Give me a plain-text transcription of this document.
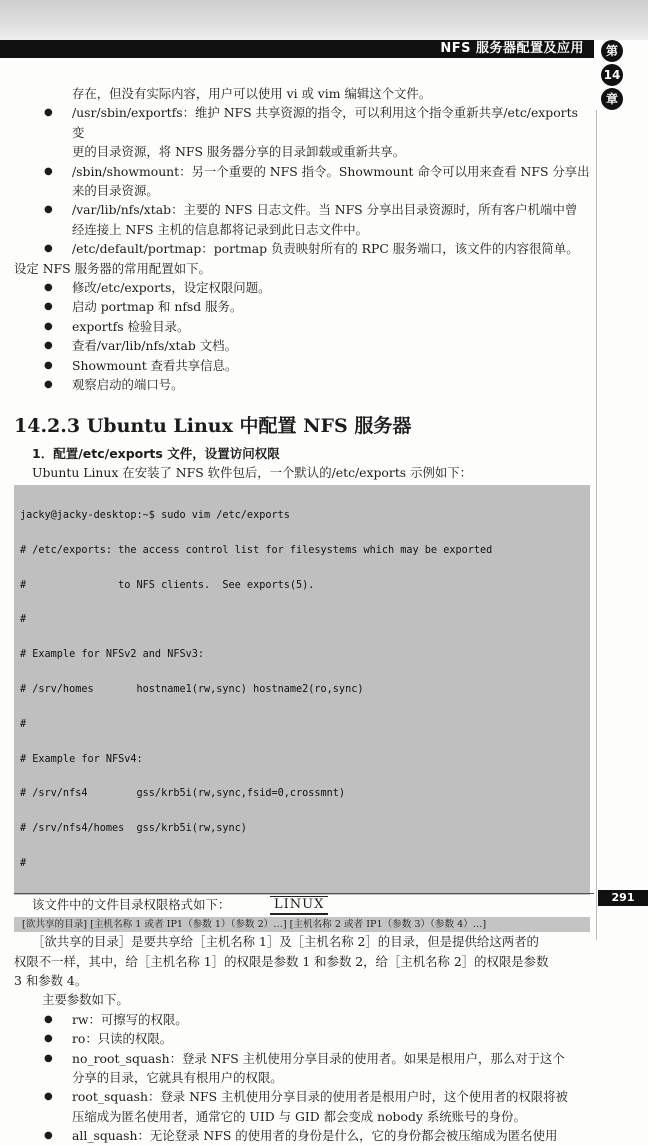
NFS 服务器配置及应用	第
14
章
存在，但没有实际内容，用户可以使用 vi 或 vim 编辑这个文件。
● /usr/sbin/exportfs：维护 NFS 共享资源的指令，可以利用这个指令重新共享/etc/exports 变
更的目录资源，将 NFS 服务器分享的目录卸载或重新共享。
● /sbin/showmount：另一个重要的 NFS 指令。Showmount 命令可以用来查看 NFS 分享出
来的目录资源。
● /var/lib/nfs/xtab：主要的 NFS 日志文件。当 NFS 分享出目录资源时，所有客户机端中曾
经连接上 NFS 主机的信息都将记录到此日志文件中。
● /etc/default/portmap：portmap 负责映射所有的 RPC 服务端口，该文件的内容很简单。
设定 NFS 服务器的常用配置如下。
● 修改/etc/exports，设定权限问题。
● 启动 portmap 和 nfsd 服务。
● exportfs 检验目录。
● 查看/var/lib/nfs/xtab 文档。
● Showmount 查看共享信息。
● 观察启动的端口号。
14.2.3 Ubuntu Linux 中配置 NFS 服务器
1．配置/etc/exports 文件，设置访问权限
Ubuntu Linux 在安装了 NFS 软件包后，一个默认的/etc/exports 示例如下：

jacky@jacky-desktop:~$ sudo vim /etc/exports

# /etc/exports: the access control list for filesystems which may be exported

#               to NFS clients.  See exports(5).

#

# Example for NFSv2 and NFSv3:

# /srv/homes       hostname1(rw,sync) hostname2(ro,sync)

#

# Example for NFSv4:

# /srv/nfs4        gss/krb5i(rw,sync,fsid=0,crossmnt)

# /srv/nfs4/homes  gss/krb5i(rw,sync)

#

该文件中的文件目录权限格式如下：
[欲共享的目录] [主机名称 1 或者 IP1（参数 1）（参数 2）…] [主机名称 2 或者 IP1（参数 3）（参数 4）…]
［欲共享的目录］是要共享给［主机名称 1］及［主机名称 2］的目录，但是提供给这两者的
权限不一样，其中，给［主机名称 1］的权限是参数 1 和参数 2，给［主机名称 2］的权限是参数
3 和参数 4。
主要参数如下。
● rw：可擦写的权限。
● ro：只读的权限。
● no_root_squash：登录 NFS 主机使用分享目录的使用者。如果是根用户，那么对于这个
分享的目录，它就具有根用户的权限。
● root_squash：登录 NFS 主机使用分享目录的使用者是根用户时，这个使用者的权限将被
压缩成为匿名使用者，通常它的 UID 与 GID 都会变成 nobody 系统账号的身份。
● all_squash：无论登录 NFS 的使用者的身份是什么，它的身份都会被压缩成为匿名使用
LINUX	291
